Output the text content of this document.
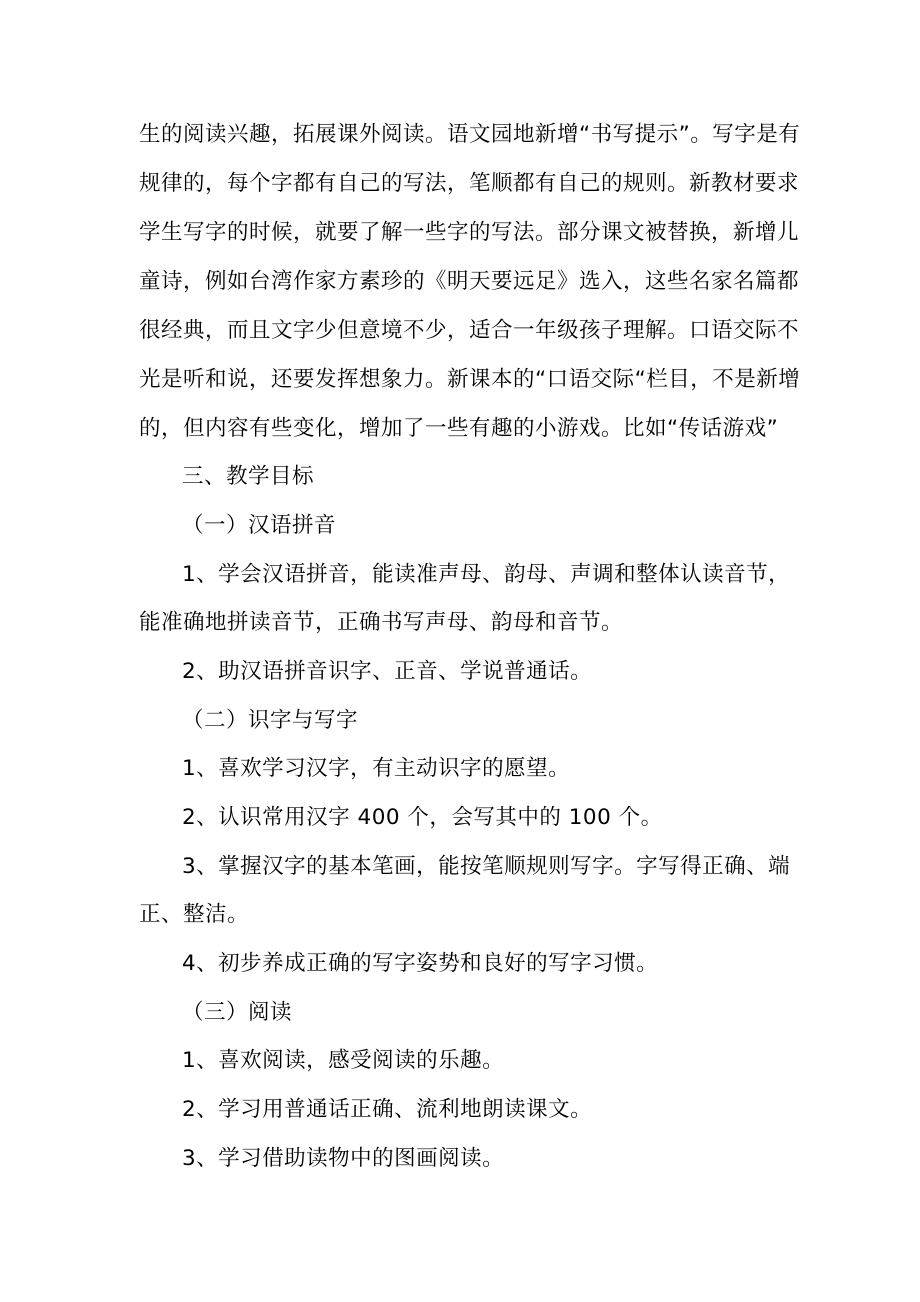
生的阅读兴趣，拓展课外阅读。语文园地新增“书写提示”。写字是有
规律的，每个字都有自己的写法，笔顺都有自己的规则。新教材要求
学生写字的时候，就要了解一些字的写法。部分课文被替换，新增儿
童诗，例如台湾作家方素珍的《明天要远足》选入，这些名家名篇都
很经典，而且文字少但意境不少，适合一年级孩子理解。口语交际不
光是听和说，还要发挥想象力。新课本的“口语交际“栏目，不是新增
的，但内容有些变化，增加了一些有趣的小游戏。比如“传话游戏”
三、教学目标
（一）汉语拼音
1、学会汉语拼音，能读准声母、韵母、声调和整体认读音节，
能准确地拼读音节，正确书写声母、韵母和音节。
2、助汉语拼音识字、正音、学说普通话。
（二）识字与写字
1、喜欢学习汉字，有主动识字的愿望。
2、认识常用汉字 400 个，会写其中的 100 个。
3、掌握汉字的基本笔画，能按笔顺规则写字。字写得正确、端
正、整洁。
4、初步养成正确的写字姿势和良好的写字习惯。
（三）阅读
1、喜欢阅读，感受阅读的乐趣。
2、学习用普通话正确、流利地朗读课文。
3、学习借助读物中的图画阅读。
